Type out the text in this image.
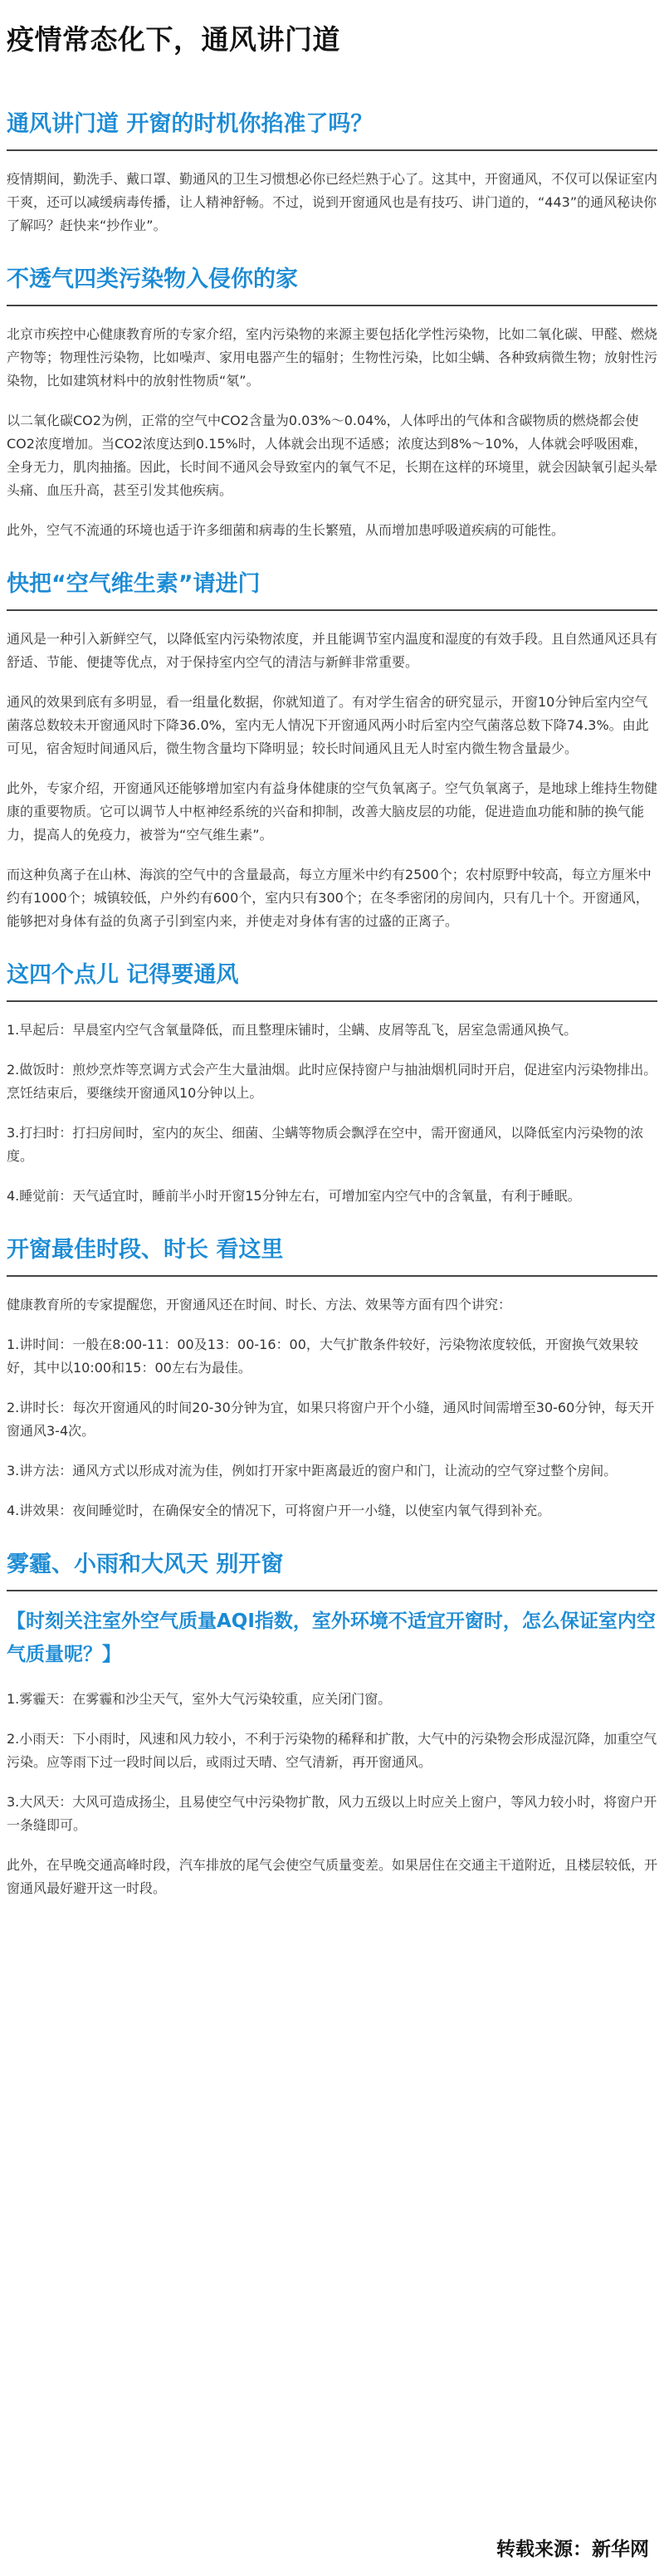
疫情常态化下，通风讲门道
通风讲门道 开窗的时机你掐准了吗？

疫情期间，勤洗手、戴口罩、勤通风的卫生习惯想必你已经烂熟于心了。这其中，开窗通风，不仅可以保证室内干爽，还可以减缓病毒传播，让人精神舒畅。不过，说到开窗通风也是有技巧、讲门道的，“443”的通风秘诀你了解吗？赶快来“抄作业”。

不透气四类污染物入侵你的家

北京市疾控中心健康教育所的专家介绍，室内污染物的来源主要包括化学性污染物，比如二氧化碳、甲醛、燃烧产物等；物理性污染物，比如噪声、家用电器产生的辐射；生物性污染，比如尘螨、各种致病微生物；放射性污染物，比如建筑材料中的放射性物质“氡”。

以二氧化碳CO2为例，正常的空气中CO2含量为0.03%～0.04%，人体呼出的气体和含碳物质的燃烧都会使CO2浓度增加。当CO2浓度达到0.15%时，人体就会出现不适感；浓度达到8%～10%，人体就会呼吸困难，全身无力，肌肉抽搐。因此，长时间不通风会导致室内的氧气不足，长期在这样的环境里，就会因缺氧引起头晕头痛、血压升高，甚至引发其他疾病。

此外，空气不流通的环境也适于许多细菌和病毒的生长繁殖，从而增加患呼吸道疾病的可能性。

快把“空气维生素”请进门

通风是一种引入新鲜空气，以降低室内污染物浓度，并且能调节室内温度和湿度的有效手段。且自然通风还具有舒适、节能、便捷等优点，对于保持室内空气的清洁与新鲜非常重要。

通风的效果到底有多明显，看一组量化数据，你就知道了。有对学生宿舍的研究显示，开窗10分钟后室内空气菌落总数较未开窗通风时下降36.0%，室内无人情况下开窗通风两小时后室内空气菌落总数下降74.3%。由此可见，宿舍短时间通风后，微生物含量均下降明显；较长时间通风且无人时室内微生物含量最少。

此外，专家介绍，开窗通风还能够增加室内有益身体健康的空气负氧离子。空气负氧离子，是地球上维持生物健康的重要物质。它可以调节人中枢神经系统的兴奋和抑制，改善大脑皮层的功能，促进造血功能和肺的换气能力，提高人的免疫力，被誉为“空气维生素”。

而这种负离子在山林、海滨的空气中的含量最高，每立方厘米中约有2500个；农村原野中较高，每立方厘米中约有1000个；城镇较低，户外约有600个，室内只有300个；在冬季密闭的房间内，只有几十个。开窗通风，能够把对身体有益的负离子引到室内来，并使走对身体有害的过盛的正离子。

这四个点儿 记得要通风

1.早起后：早晨室内空气含氧量降低，而且整理床铺时，尘螨、皮屑等乱飞，居室急需通风换气。

2.做饭时：煎炒烹炸等烹调方式会产生大量油烟。此时应保持窗户与抽油烟机同时开启，促进室内污染物排出。烹饪结束后，要继续开窗通风10分钟以上。

3.打扫时：打扫房间时，室内的灰尘、细菌、尘螨等物质会飘浮在空中，需开窗通风，以降低室内污染物的浓度。

4.睡觉前：天气适宜时，睡前半小时开窗15分钟左右，可增加室内空气中的含氧量，有利于睡眠。

开窗最佳时段、时长 看这里

健康教育所的专家提醒您，开窗通风还在时间、时长、方法、效果等方面有四个讲究：

1.讲时间：一般在8:00-11：00及13：00-16：00，大气扩散条件较好，污染物浓度较低，开窗换气效果较好，其中以10:00和15：00左右为最佳。

2.讲时长：每次开窗通风的时间20-30分钟为宜，如果只将窗户开个小缝，通风时间需增至30-60分钟，每天开窗通风3-4次。

3.讲方法：通风方式以形成对流为佳，例如打开家中距离最近的窗户和门，让流动的空气穿过整个房间。

4.讲效果：夜间睡觉时，在确保安全的情况下，可将窗户开一小缝，以使室内氧气得到补充。

雾霾、小雨和大风天 别开窗

【时刻关注室外空气质量AQI指数，室外环境不适宜开窗时，怎么保证室内空气质量呢？】

1.雾霾天：在雾霾和沙尘天气，室外大气污染较重，应关闭门窗。

2.小雨天：下小雨时，风速和风力较小，不利于污染物的稀释和扩散，大气中的污染物会形成湿沉降，加重空气污染。应等雨下过一段时间以后，或雨过天晴、空气清新，再开窗通风。

3.大风天：大风可造成扬尘，且易使空气中污染物扩散，风力五级以上时应关上窗户，等风力较小时，将窗户开一条缝即可。

此外，在早晚交通高峰时段，汽车排放的尾气会使空气质量变差。如果居住在交通主干道附近，且楼层较低，开窗通风最好避开这一时段。

转载来源：新华网
